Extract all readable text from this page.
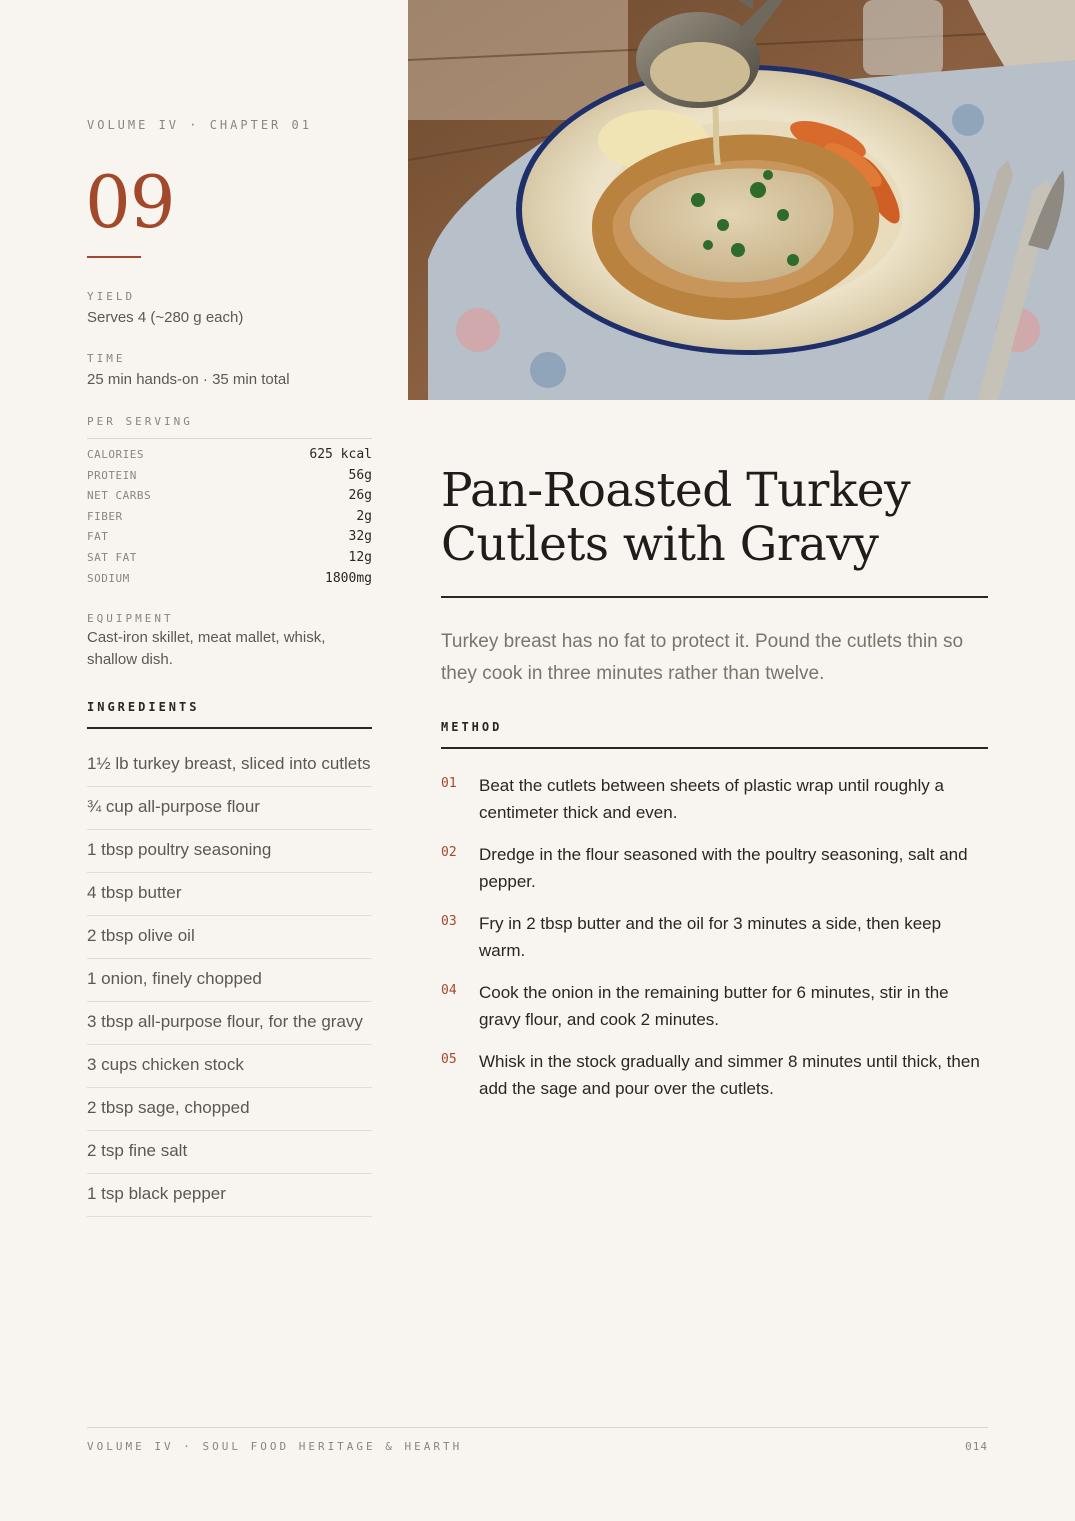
VOLUME IV · CHAPTER 01
09
YIELD
Serves 4 (~280 g each)
TIME
25 min hands-on · 35 min total
PER SERVING
CALORIES	625 kcal
PROTEIN	56g
NET CARBS	26g
FIBER	2g
FAT	32g
SAT FAT	12g
SODIUM	1800mg
EQUIPMENT
Cast-iron skillet, meat mallet, whisk, shallow dish.
INGREDIENTS
1½ lb turkey breast, sliced into cutlets
¾ cup all-purpose flour
1 tbsp poultry seasoning
4 tbsp butter
2 tbsp olive oil
1 onion, finely chopped
3 tbsp all-purpose flour, for the gravy
3 cups chicken stock
2 tbsp sage, chopped
2 tsp fine salt
1 tsp black pepper
Pan-Roasted Turkey
Cutlets with Gravy
Turkey breast has no fat to protect it. Pound the cutlets thin so they cook in three minutes rather than twelve.
METHOD
01	Beat the cutlets between sheets of plastic wrap until roughly a centimeter thick and even.
02	Dredge in the flour seasoned with the poultry seasoning, salt and pepper.
03	Fry in 2 tbsp butter and the oil for 3 minutes a side, then keep warm.
04	Cook the onion in the remaining butter for 6 minutes, stir in the gravy flour, and cook 2 minutes.
05	Whisk in the stock gradually and simmer 8 minutes until thick, then add the sage and pour over the cutlets.
VOLUME IV · SOUL FOOD HERITAGE & HEARTH	014
